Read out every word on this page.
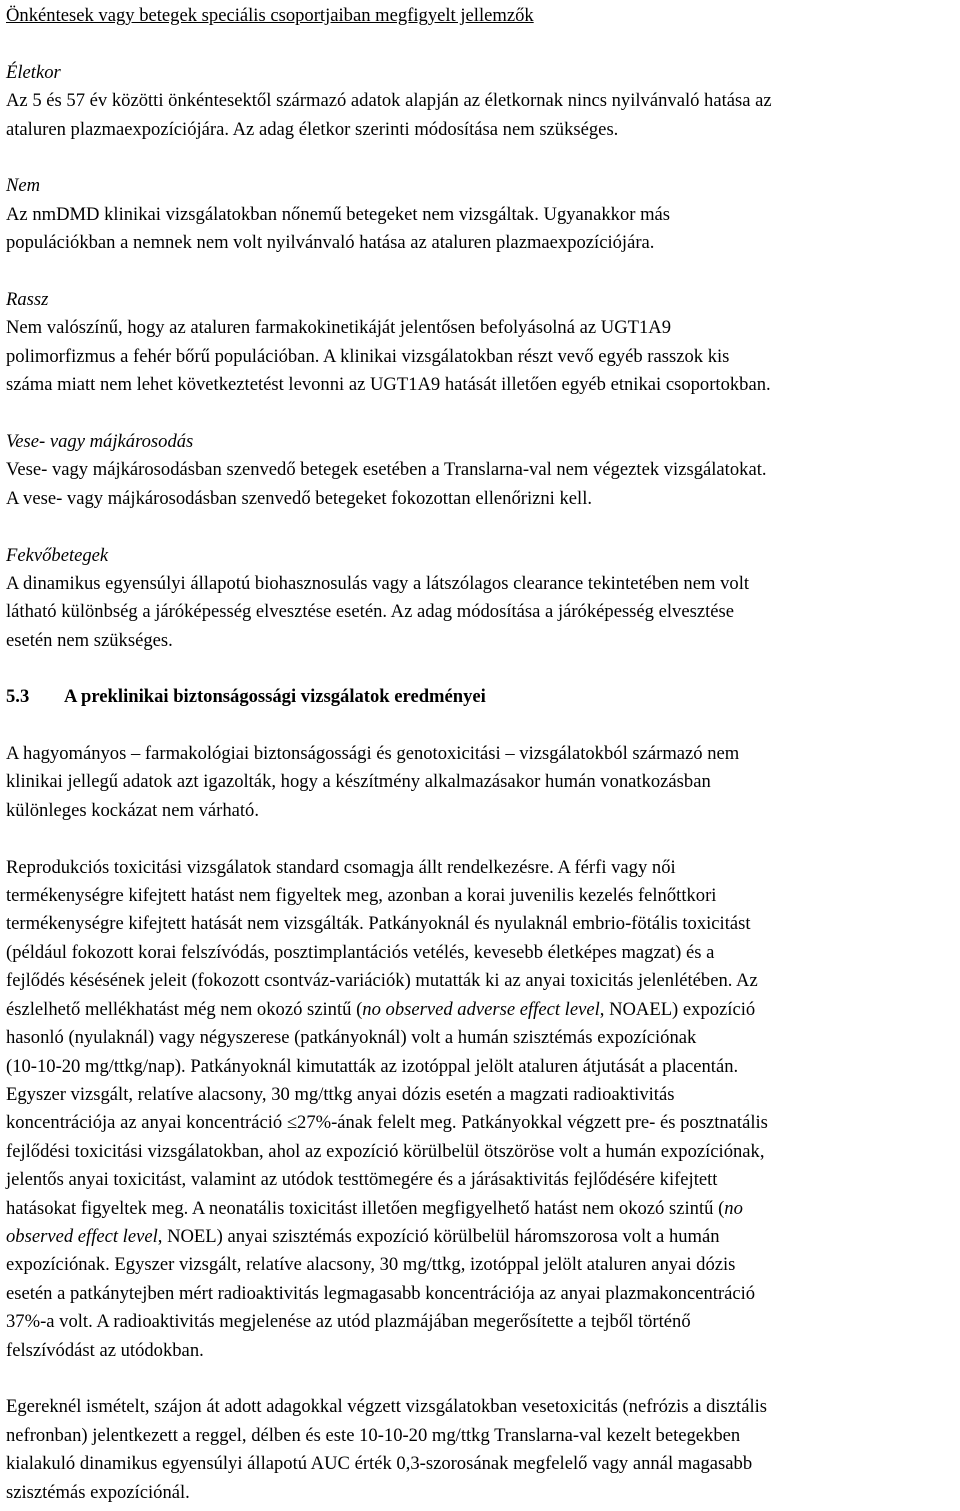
Önkéntesek vagy betegek speciális csoportjaiban megfigyelt jellemzők

Életkor

Az 5 és 57 év közötti önkéntesektől származó adatok alapján az életkornak nincs nyilvánvaló hatása az

ataluren plazmaexpozíciójára. Az adag életkor szerinti módosítása nem szükséges.

Nem

Az nmDMD klinikai vizsgálatokban nőnemű betegeket nem vizsgáltak. Ugyanakkor más

populációkban a nemnek nem volt nyilvánvaló hatása az ataluren plazmaexpozíciójára.

Rassz

Nem valószínű, hogy az ataluren farmakokinetikáját jelentősen befolyásolná az UGT1A9

polimorfizmus a fehér bőrű populációban. A klinikai vizsgálatokban részt vevő egyéb rasszok kis

száma miatt nem lehet következtetést levonni az UGT1A9 hatását illetően egyéb etnikai csoportokban.

Vese- vagy májkárosodás

Vese- vagy májkárosodásban szenvedő betegek esetében a Translarna-val nem végeztek vizsgálatokat.

A vese- vagy májkárosodásban szenvedő betegeket fokozottan ellenőrizni kell.

Fekvőbetegek

A dinamikus egyensúlyi állapotú biohasznosulás vagy a látszólagos clearance tekintetében nem volt

látható különbség a járóképesség elvesztése esetén. Az adag módosítása a járóképesség elvesztése

esetén nem szükséges.

5.3	A preklinikai biztonságossági vizsgálatok eredményei

A hagyományos – farmakológiai biztonságossági és genotoxicitási – vizsgálatokból származó nem

klinikai jellegű adatok azt igazolták, hogy a készítmény alkalmazásakor humán vonatkozásban

különleges kockázat nem várható.

Reprodukciós toxicitási vizsgálatok standard csomagja állt rendelkezésre. A férfi vagy női

termékenységre kifejtett hatást nem figyeltek meg, azonban a korai juvenilis kezelés felnőttkori

termékenységre kifejtett hatását nem vizsgálták. Patkányoknál és nyulaknál embrio-fötális toxicitást

(például fokozott korai felszívódás, posztimplantációs vetélés, kevesebb életképes magzat) és a

fejlődés késésének jeleit (fokozott csontváz-variációk) mutatták ki az anyai toxicitás jelenlétében. Az

észlelhető mellékhatást még nem okozó szintű (no observed adverse effect level, NOAEL) expozíció

hasonló (nyulaknál) vagy négyszerese (patkányoknál) volt a humán szisztémás expozíciónak

(10-10-20 mg/ttkg/nap). Patkányoknál kimutatták az izotóppal jelölt ataluren átjutását a placentán.

Egyszer vizsgált, relatíve alacsony, 30 mg/ttkg anyai dózis esetén a magzati radioaktivitás

koncentrációja az anyai koncentráció ≤27%-ának felelt meg. Patkányokkal végzett pre- és posztnatális

fejlődési toxicitási vizsgálatokban, ahol az expozíció körülbelül ötszöröse volt a humán expozíciónak,

jelentős anyai toxicitást, valamint az utódok testtömegére és a járásaktivitás fejlődésére kifejtett

hatásokat figyeltek meg. A neonatális toxicitást illetően megfigyelhető hatást nem okozó szintű (no

observed effect level, NOEL) anyai szisztémás expozíció körülbelül háromszorosa volt a humán

expozíciónak. Egyszer vizsgált, relatíve alacsony, 30 mg/ttkg, izotóppal jelölt ataluren anyai dózis

esetén a patkánytejben mért radioaktivitás legmagasabb koncentrációja az anyai plazmakoncentráció

37%-a volt. A radioaktivitás megjelenése az utód plazmájában megerősítette a tejből történő

felszívódást az utódokban.

Egereknél ismételt, szájon át adott adagokkal végzett vizsgálatokban vesetoxicitás (nefrózis a disztális

nefronban) jelentkezett a reggel, délben és este 10-10-20 mg/ttkg Translarna-val kezelt betegekben

kialakuló dinamikus egyensúlyi állapotú AUC érték 0,3-szorosának megfelelő vagy annál magasabb

szisztémás expozíciónál.
